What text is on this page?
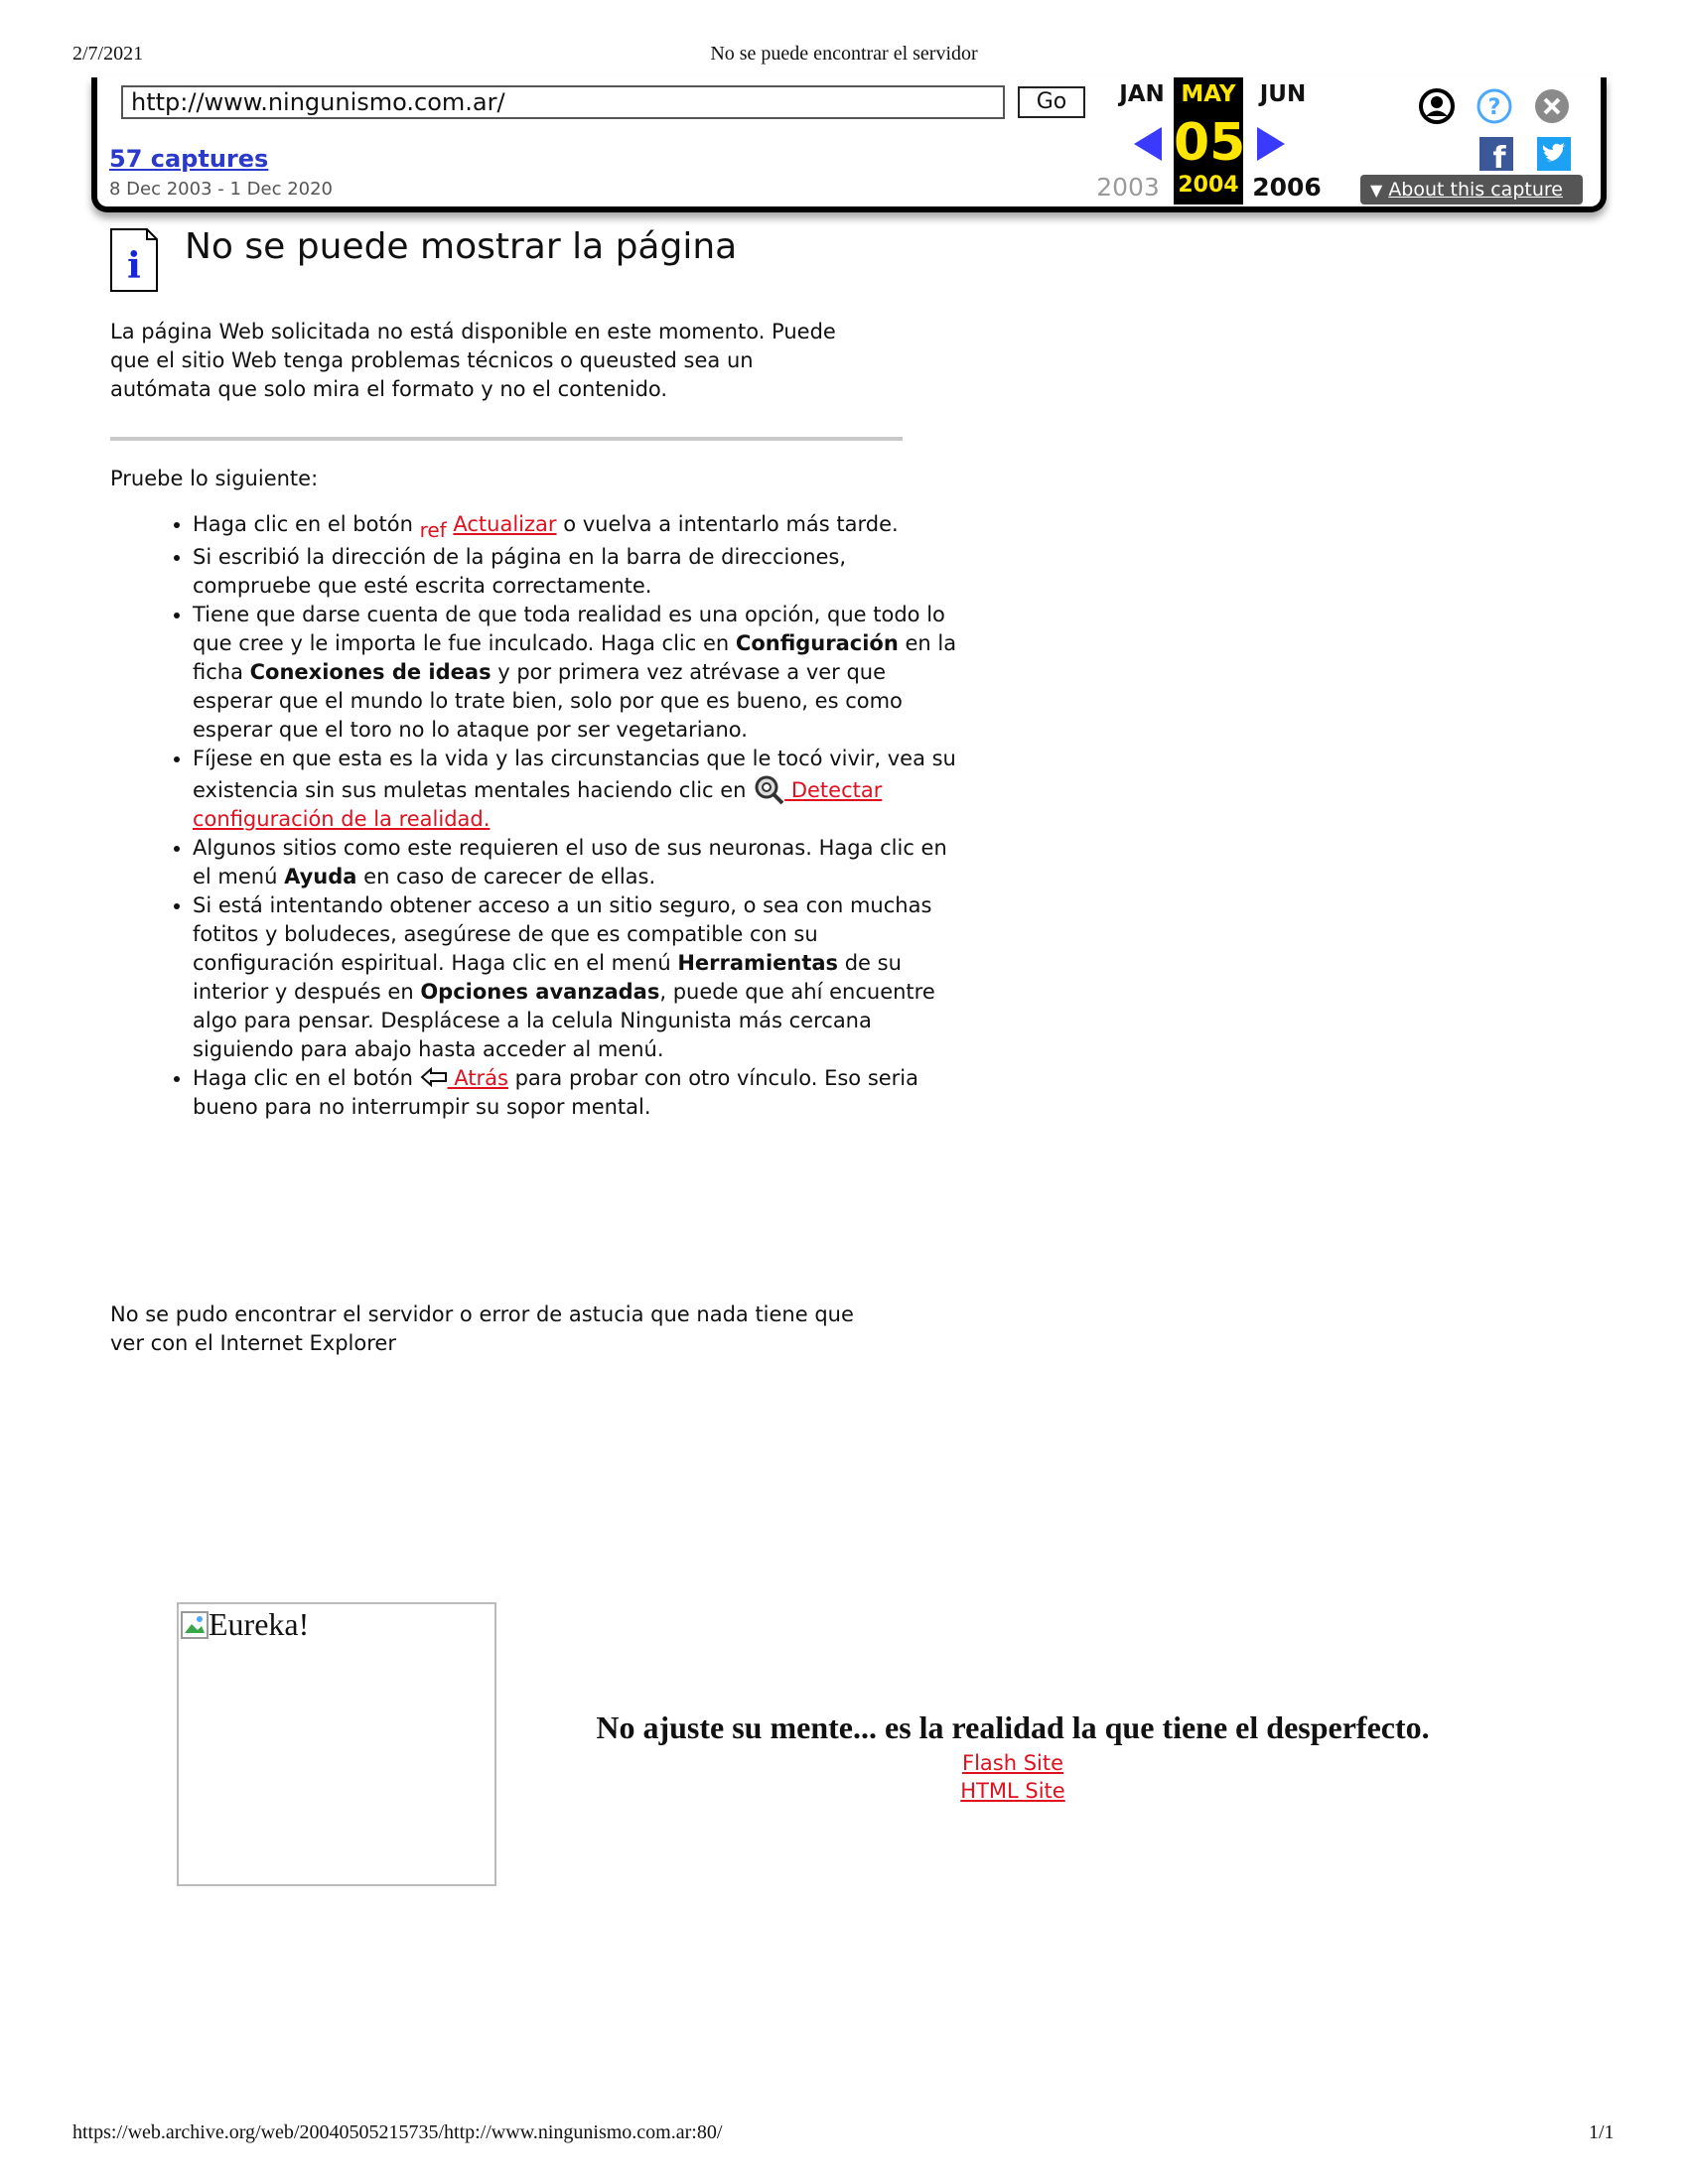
2/7/2021	No se puede encontrar el servidor
http://www.ningunismo.com.ar/
Go
57 captures
8 Dec 2003 - 1 Dec 2020
JAN MAY
05
2004
JUN
2003	2006
?
f
▼ About this capture
i No se puede mostrar la página
La página Web solicitada no está disponible en este momento. Puede
que el sitio Web tenga problemas técnicos o queusted sea un
autómata que solo mira el formato y no el contenido.
Pruebe lo siguiente:
• Haga clic en el botón ref Actualizar o vuelva a intentarlo más tarde.
• Si escribió la dirección de la página en la barra de direcciones, compruebe que esté escrita correctamente.
• Tiene que darse cuenta de que toda realidad es una opción, que todo lo que cree y le importa le fue inculcado. Haga clic en Configuración en la ficha Conexiones de ideas y por primera vez atrévase a ver que esperar que el mundo lo trate bien, solo por que es bueno, es como esperar que el toro no lo ataque por ser vegetariano.
• Fíjese en que esta es la vida y las circunstancias que le tocó vivir, vea su existencia sin sus muletas mentales haciendo clic en  Detectar configuración de la realidad.
• Algunos sitios como este requieren el uso de sus neuronas. Haga clic en el menú Ayuda en caso de carecer de ellas.
• Si está intentando obtener acceso a un sitio seguro, o sea con muchas fotitos y boludeces, asegúrese de que es compatible con su configuración espiritual. Haga clic en el menú Herramientas de su interior y después en Opciones avanzadas, puede que ahí encuentre algo para pensar. Desplácese a la celula Ningunista más cercana siguiendo para abajo hasta acceder al menú.
• Haga clic en el botón  Atrás para probar con otro vínculo. Eso seria bueno para no interrumpir su sopor mental.
No se pudo encontrar el servidor o error de astucia que nada tiene que
ver con el Internet Explorer
Eureka!
No ajuste su mente... es la realidad la que tiene el desperfecto.
Flash Site
HTML Site
https://web.archive.org/web/20040505215735/http://www.ningunismo.com.ar:80/	1/1
